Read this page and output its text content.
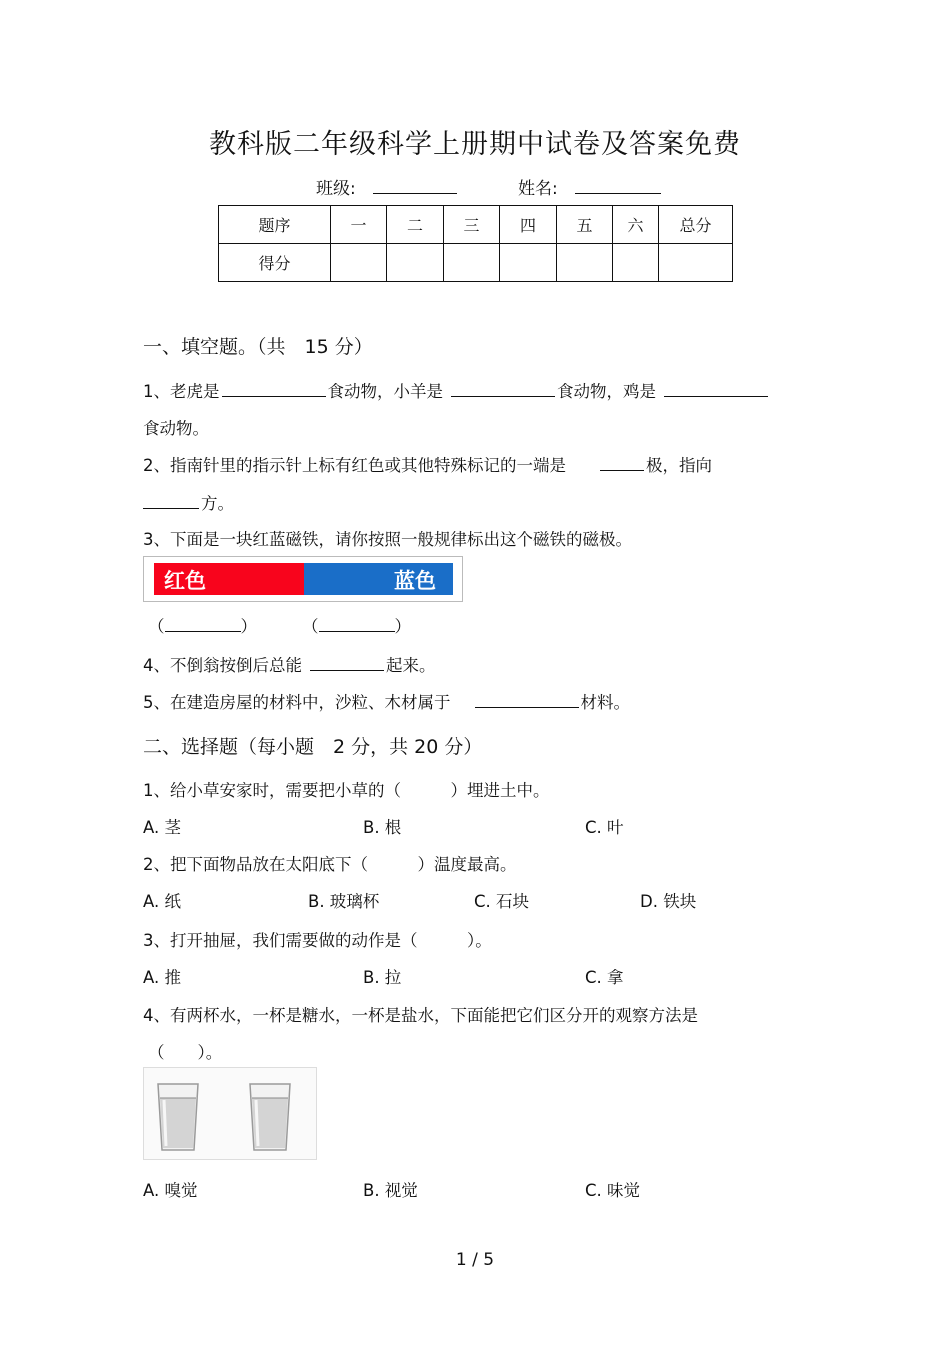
教科版二年级科学上册期中试卷及答案免费
班级:	姓名:
题序	一	二	三	四	五	六	总分
得分							
一、填空题。（共　15 分）
1、老虎是	食动物，小羊是	食动物，鸡是
食动物。
2、指南针里的指示针上标有红色或其他特殊标记的一端是	极，指向
方。
3、下面是一块红蓝磁铁，请你按照一般规律标出这个磁铁的磁极。
红色	蓝色
（	）	（	）
4、不倒翁按倒后总能	起来。
5、在建造房屋的材料中，沙粒、木材属于	材料。
二、选择题（每小题　2 分，共 20 分）
1、给小草安家时，需要把小草的（　　　）埋进土中。
A. 茎	B. 根	C. 叶
2、把下面物品放在太阳底下（　　　）温度最高。
A. 纸	B. 玻璃杯	C. 石块	D. 铁块
3、打开抽屉，我们需要做的动作是（　　　）。
A. 推	B. 拉	C. 拿
4、有两杯水，一杯是糖水，一杯是盐水，下面能把它们区分开的观察方法是
（　　）。
A. 嗅觉	B. 视觉	C. 味觉
1 / 5
